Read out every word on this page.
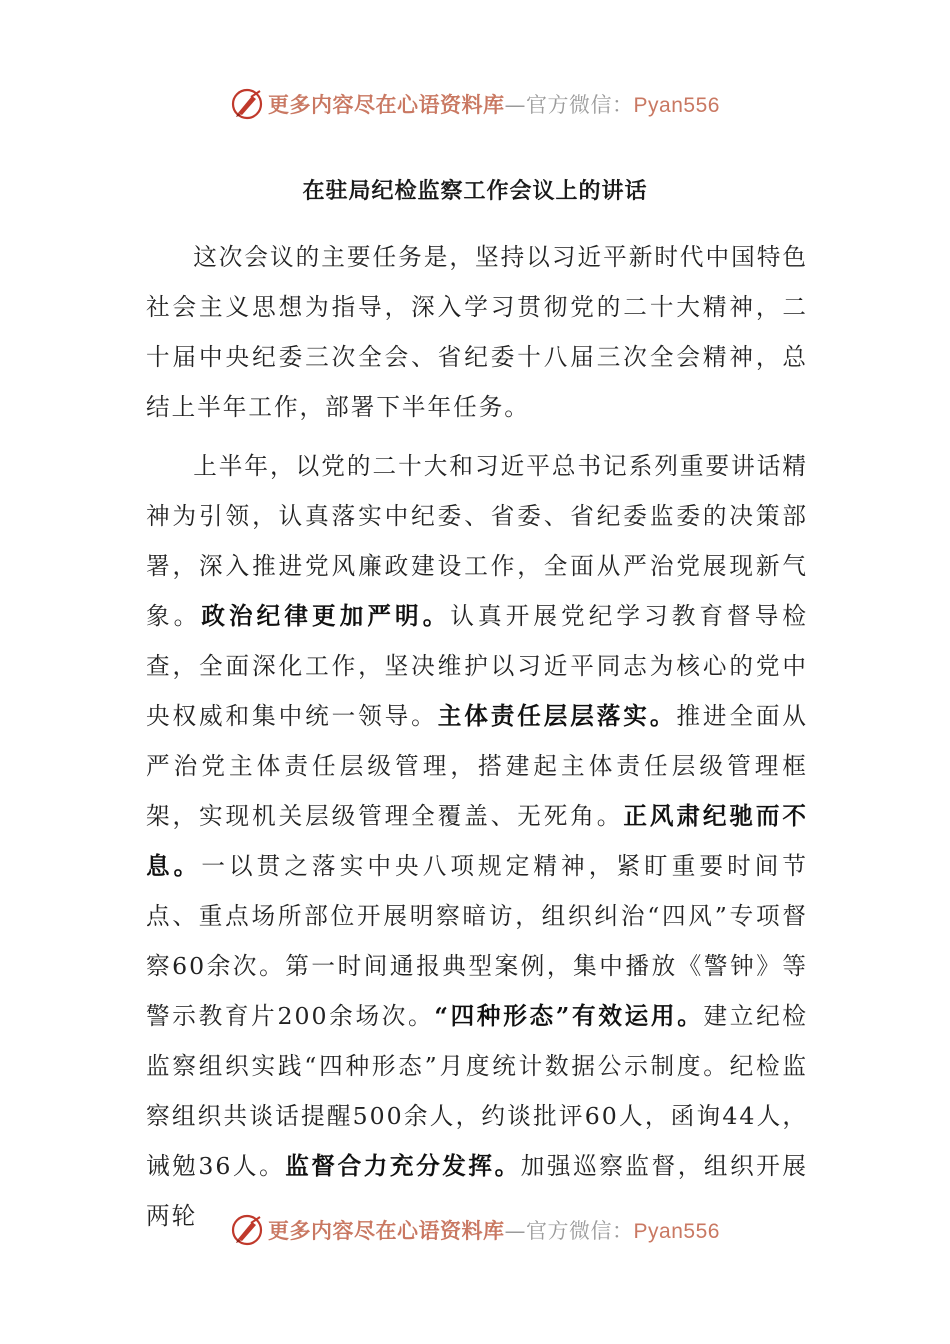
更多内容尽在心语资料库—官方微信：Pyan556
在驻局纪检监察工作会议上的讲话

这次会议的主要任务是，坚持以习近平新时代中国特色社会主义思想为指导，深入学习贯彻党的二十大精神，二十届中央纪委三次全会、省纪委十八届三次全会精神，总结上半年工作，部署下半年任务。

上半年，以党的二十大和习近平总书记系列重要讲话精神为引领，认真落实中纪委、省委、省纪委监委的决策部署，深入推进党风廉政建设工作，全面从严治党展现新气象。政治纪律更加严明。认真开展党纪学习教育督导检查，全面深化工作，坚决维护以习近平同志为核心的党中央权威和集中统一领导。主体责任层层落实。推进全面从严治党主体责任层级管理，搭建起主体责任层级管理框架，实现机关层级管理全覆盖、无死角。正风肃纪驰而不息。一以贯之落实中央八项规定精神，紧盯重要时间节点、重点场所部位开展明察暗访，组织纠治“四风”专项督察60余次。第一时间通报典型案例，集中播放《警钟》等警示教育片200余场次。“四种形态”有效运用。建立纪检监察组织实践“四种形态”月度统计数据公示制度。纪检监察组织共谈话提醒500余人，约谈批评60人，函询44人，诫勉36人。监督合力充分发挥。加强巡察监督，组织开展两轮

更多内容尽在心语资料库—官方微信：Pyan556
